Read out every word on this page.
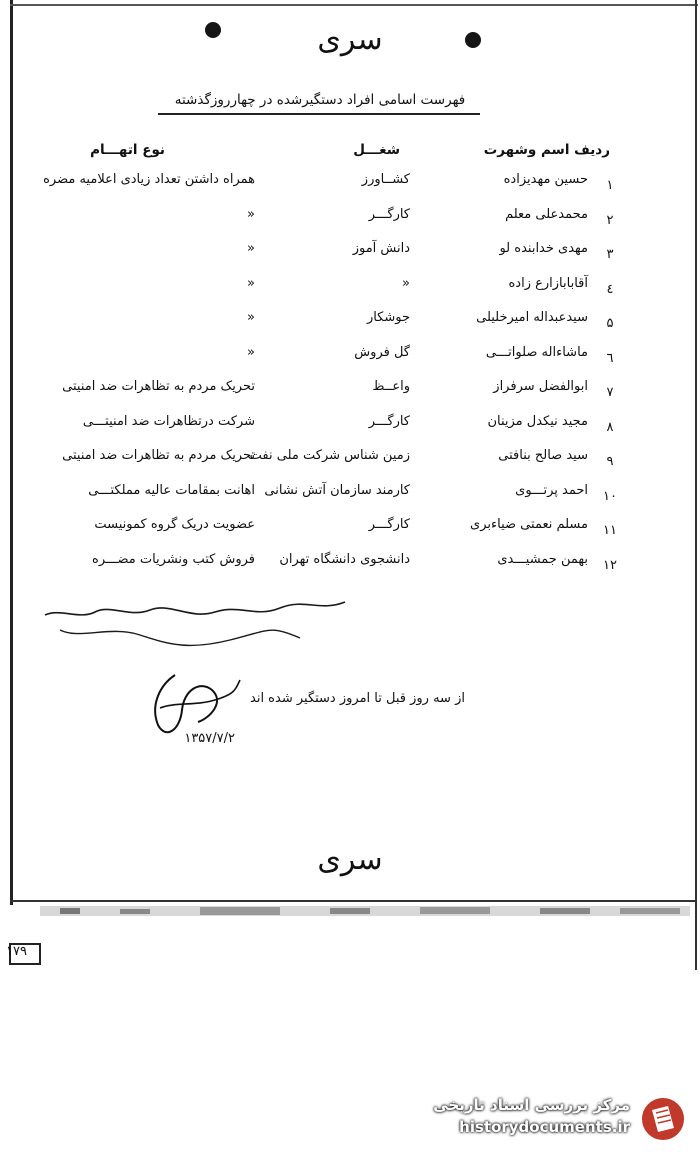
سری
فهرست اسامی افراد دستگیرشده در چهارروزگذشته
ردیف اسم وشهرت
شغـــل
نوع اتهـــام
۱
حسین مهدیزاده
کشــاورز
همراه داشتن تعداد زیادی اعلامیه مضره
۲
محمدعلی معلم
کارگـــر
«
۳
مهدی خدابنده لو
دانش آموز
«
٤
آقابابازارع زاده
«
«
۵
سیدعبداله امیرخلیلی
جوشکار
«
٦
ماشاءاله صلواتـــی
گل فروش
«
۷
ابوالفضل سرفراز
واعــظ
تحریک مردم به تظاهرات ضد امنیتی
۸
مجید نیکدل مزینان
کارگـــر
شرکت درتظاهرات ضد امنیتـــی
۹
سید صالح بنافتی
زمین شناس شرکت ملی نفت
تحریک مردم به تظاهرات ضد امنیتی
۱۰
احمد پرتـــوی
کارمند سازمان آتش نشانی
اهانت بمقامات عالیه مملکتـــی
۱۱
مسلم نعمتی ضیاءبری
کارگـــر
عضویت دریک گروه کمونیست
۱۲
بهمن جمشیـــدی
دانشجوی دانشگاه تهران
فروش کتب ونشریات مضـــره
از سه روز قبل تا امروز دستگیر شده اند
۱۳۵۷/۷/۲
سری
۱۷۹
مرکز بررسی اسناد تاریخی
historydocuments.ir
